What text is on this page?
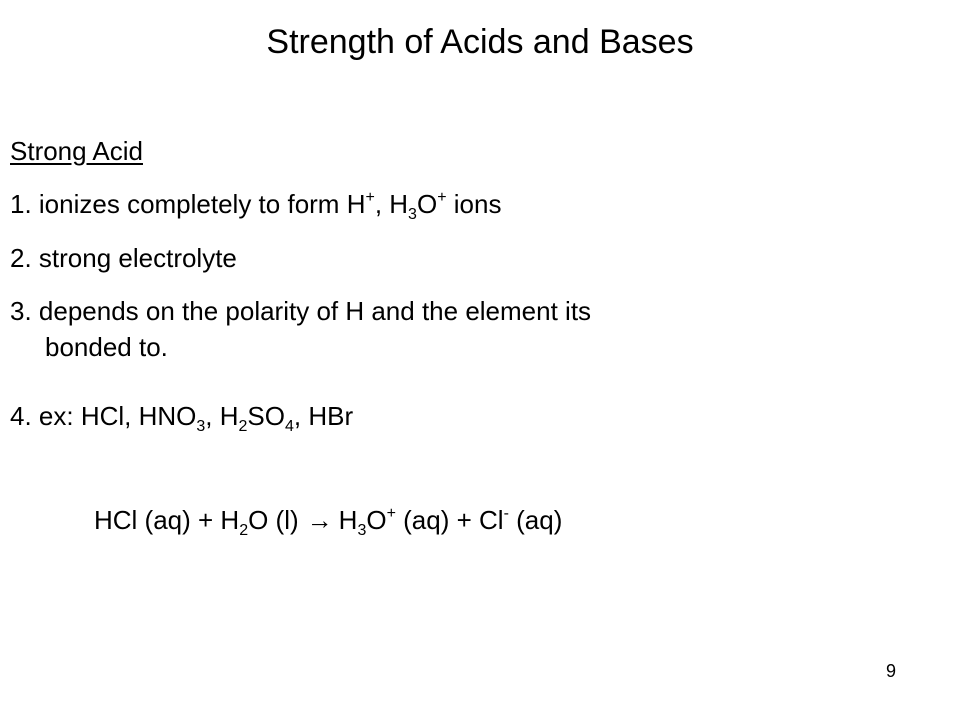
Strength of Acids and Bases
Strong Acid
1. ionizes completely to form H+, $H_3O^+$ ions
2. strong electrolyte
3. depends on the polarity of H and the element its
bonded to.
4. ex: HCl, $HNO_3$, $H_2SO_4$, HBr
HCl $(aq) + H_2O$ $(l) \to H_3O^+$ (aq) + Cl- (aq)
9
